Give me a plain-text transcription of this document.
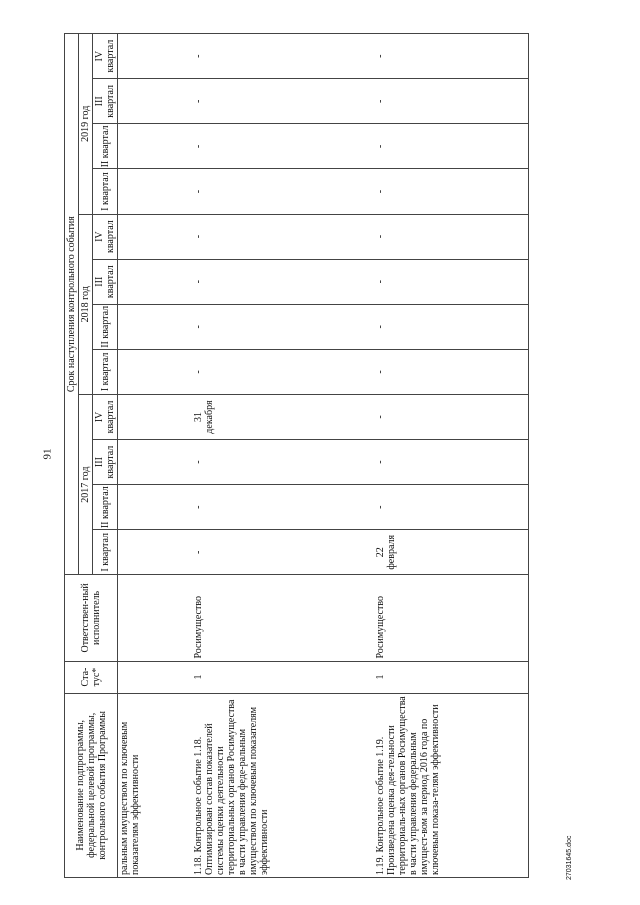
91
27031645.doc
Наименование подпрограммы, федеральной целевой программы, контрольного события Программы	Ста-тус*	Ответствен-ный исполнитель	Срок наступления контрольного события											
			2017 год				2018 год				2019 год			
			I квартал	II квартал	III квартал	IV квартал	I квартал	II квартал	III квартал	IV квартал	I квартал	II квартал	III квартал	IV квартал
ральным имуществом по ключевым показателям эффективности														
1.18. Контрольное событие 1.18.
Оптимизирован состав показателей системы оценки деятельности территориальных органов Росимущества в части управления феде-ральным имуществом по ключевым показателям эффективности	1	Росимущество	-	-	-	31 декабря	-	-	-	-	-	-	-	-
1.19. Контрольное событие 1.19.
Произведена оценка дея-тельности территориаль-ных органов Росимущества в части управления федеральным имущест-вом за период 2016 года по ключевым показа-телям эффективности	1	Росимущество	22 февраля	-	-	-	-	-	-	-	-	-	-	-
